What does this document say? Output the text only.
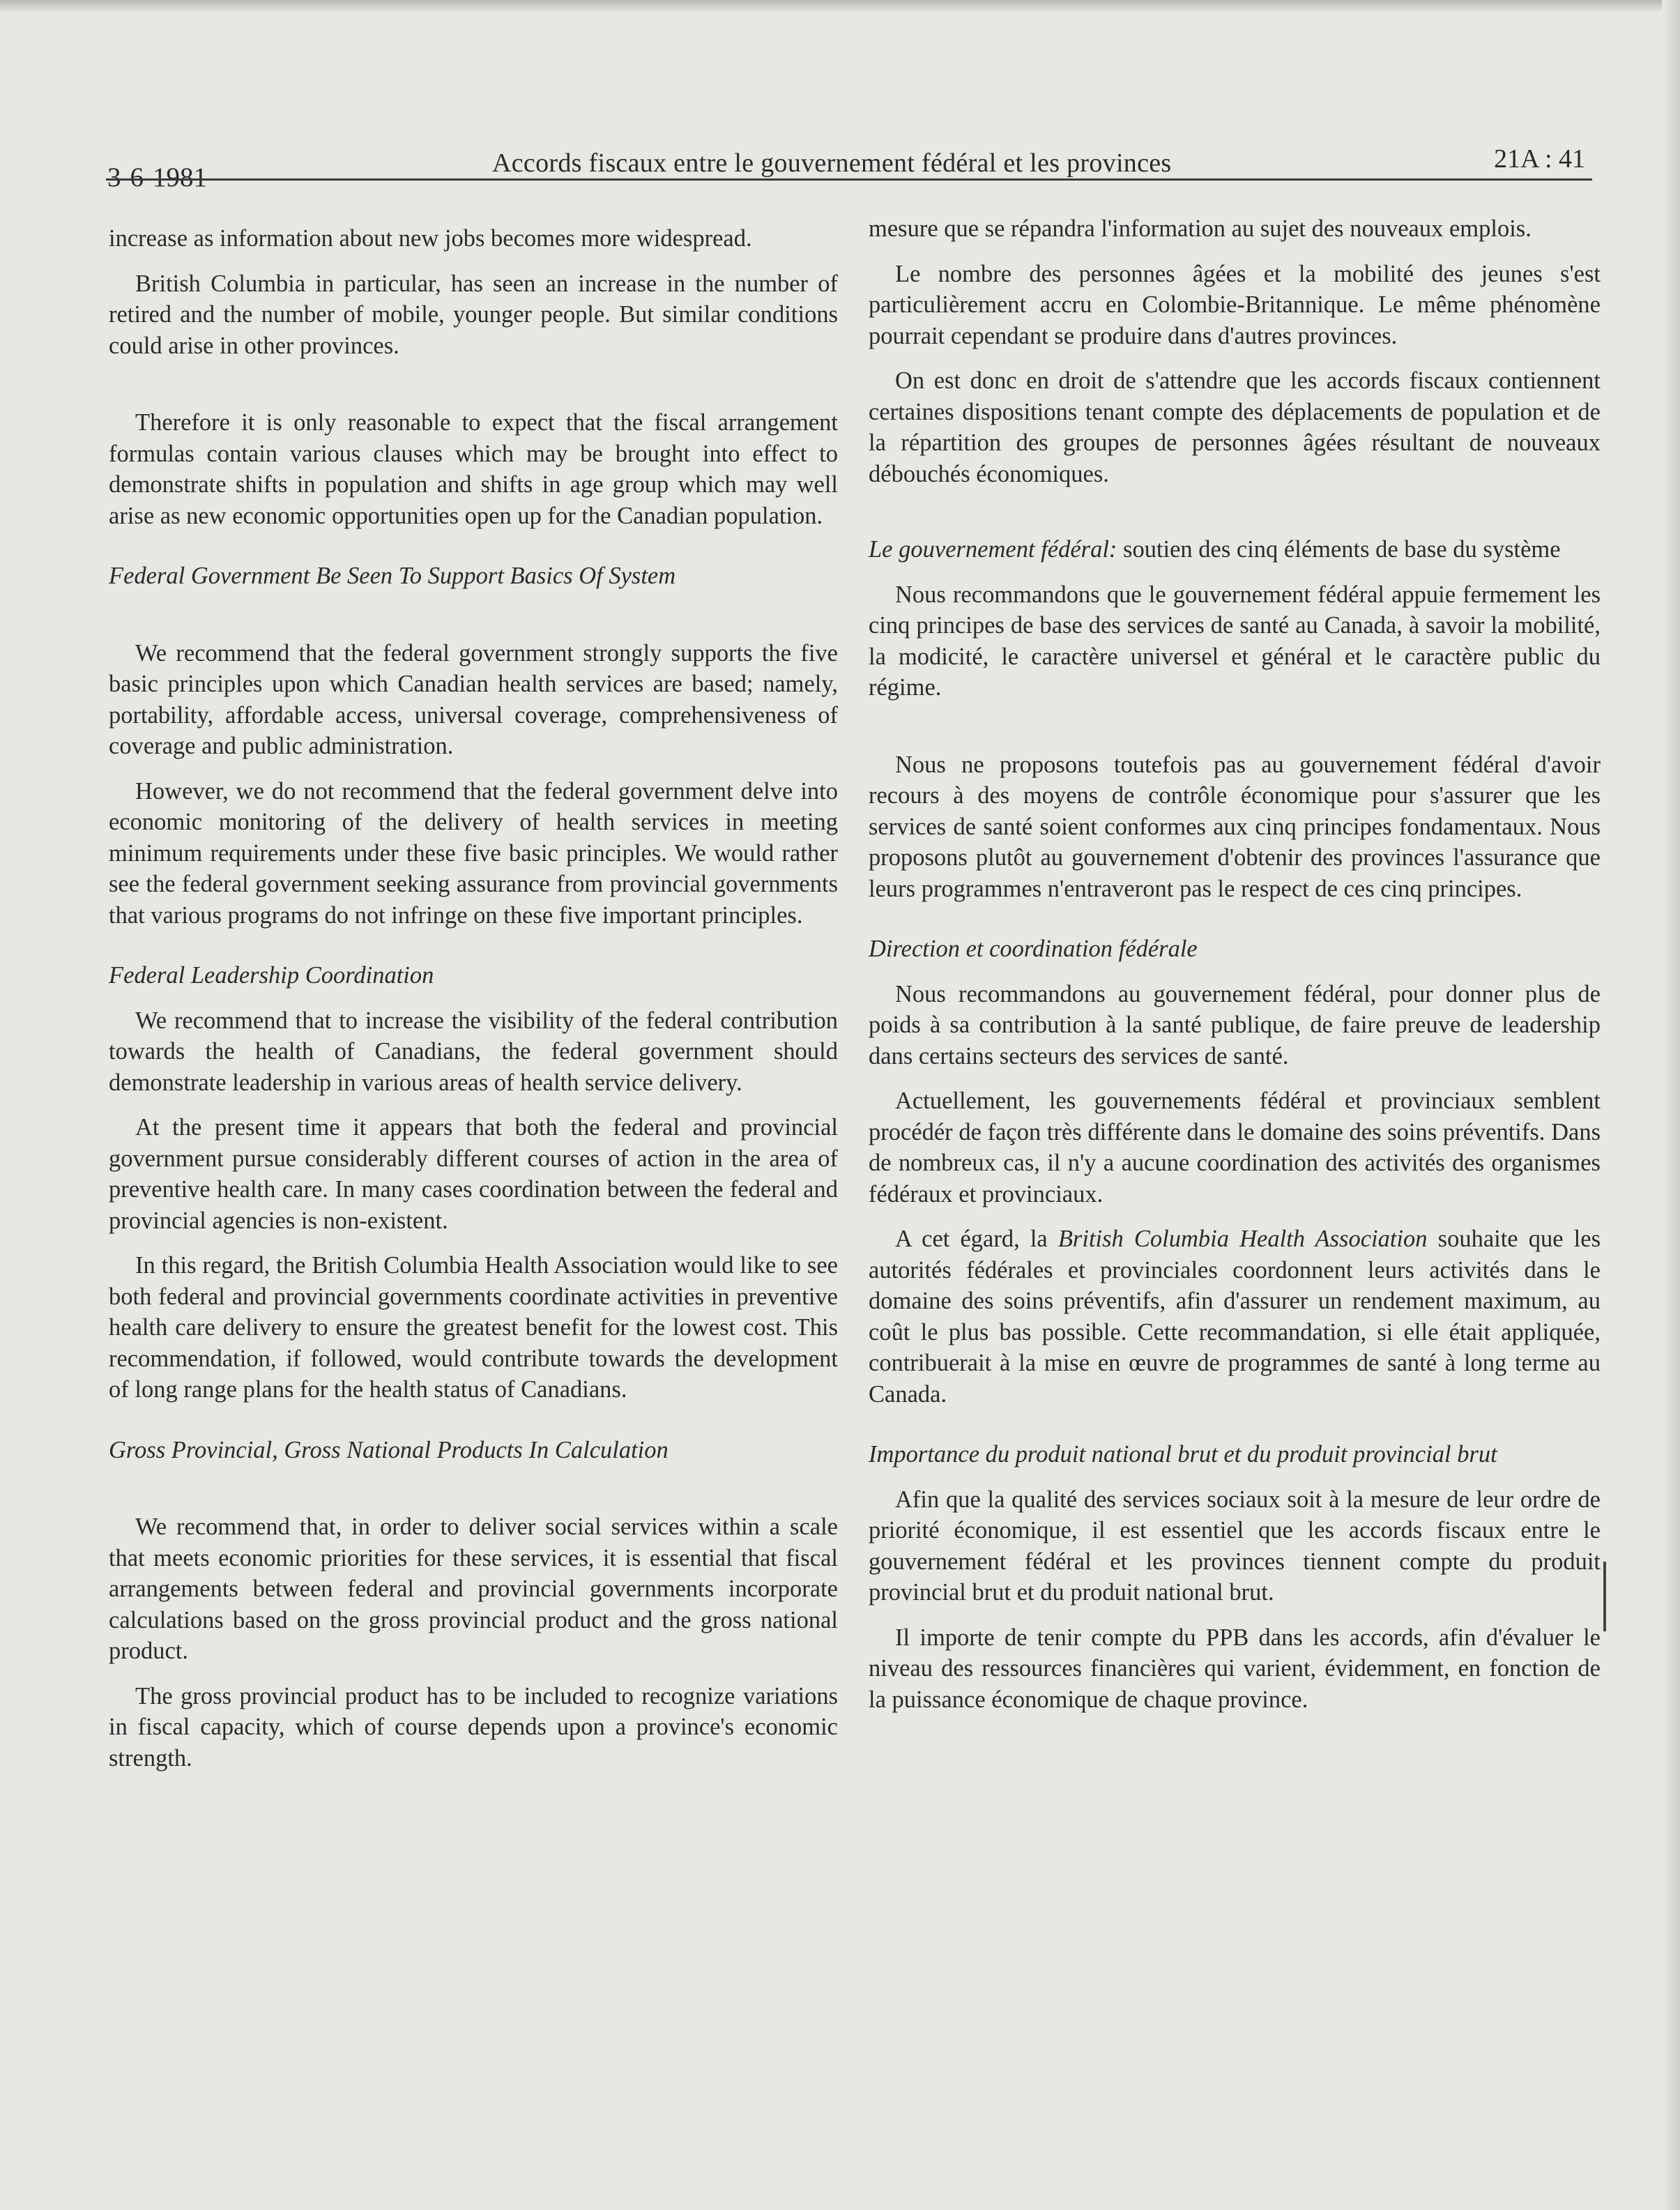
3-6-1981	Accords fiscaux entre le gouvernement fédéral et les provinces	21A : 41

increase as information about new jobs becomes more widespread.

British Columbia in particular, has seen an increase in the number of retired and the number of mobile, younger people. But similar conditions could arise in other provinces.

Therefore it is only reasonable to expect that the fiscal arrangement formulas contain various clauses which may be brought into effect to demonstrate shifts in population and shifts in age group which may well arise as new economic opportunities open up for the Canadian population.

Federal Government Be Seen To Support Basics Of System

We recommend that the federal government strongly supports the five basic principles upon which Canadian health services are based; namely, portability, affordable access, universal coverage, comprehensiveness of coverage and public administration.

However, we do not recommend that the federal government delve into economic monitoring of the delivery of health services in meeting minimum requirements under these five basic principles. We would rather see the federal government seeking assurance from provincial governments that various programs do not infringe on these five important principles.

Federal Leadership Coordination

We recommend that to increase the visibility of the federal contribution towards the health of Canadians, the federal government should demonstrate leadership in various areas of health service delivery.

At the present time it appears that both the federal and provincial government pursue considerably different courses of action in the area of preventive health care. In many cases coordination between the federal and provincial agencies is non-existent.

In this regard, the British Columbia Health Association would like to see both federal and provincial governments coordinate activities in preventive health care delivery to ensure the greatest benefit for the lowest cost. This recommendation, if followed, would contribute towards the development of long range plans for the health status of Canadians.

Gross Provincial, Gross National Products In Calculation

We recommend that, in order to deliver social services within a scale that meets economic priorities for these services, it is essential that fiscal arrangements between federal and provincial governments incorporate calculations based on the gross provincial product and the gross national product.

The gross provincial product has to be included to recognize variations in fiscal capacity, which of course depends upon a province's economic strength.

mesure que se répandra l'information au sujet des nouveaux emplois.

Le nombre des personnes âgées et la mobilité des jeunes s'est particulièrement accru en Colombie-Britannique. Le même phénomène pourrait cependant se produire dans d'autres provinces.

On est donc en droit de s'attendre que les accords fiscaux contiennent certaines dispositions tenant compte des déplacements de population et de la répartition des groupes de personnes âgées résultant de nouveaux débouchés économiques.

Le gouvernement fédéral: soutien des cinq éléments de base du système

Nous recommandons que le gouvernement fédéral appuie fermement les cinq principes de base des services de santé au Canada, à savoir la mobilité, la modicité, le caractère universel et général et le caractère public du régime.

Nous ne proposons toutefois pas au gouvernement fédéral d'avoir recours à des moyens de contrôle économique pour s'assurer que les services de santé soient conformes aux cinq principes fondamentaux. Nous proposons plutôt au gouvernement d'obtenir des provinces l'assurance que leurs programmes n'entraveront pas le respect de ces cinq principes.

Direction et coordination fédérale

Nous recommandons au gouvernement fédéral, pour donner plus de poids à sa contribution à la santé publique, de faire preuve de leadership dans certains secteurs des services de santé.

Actuellement, les gouvernements fédéral et provinciaux semblent procédér de façon très différente dans le domaine des soins préventifs. Dans de nombreux cas, il n'y a aucune coordination des activités des organismes fédéraux et provinciaux.

A cet égard, la British Columbia Health Association souhaite que les autorités fédérales et provinciales coordonnent leurs activités dans le domaine des soins préventifs, afin d'assurer un rendement maximum, au coût le plus bas possible. Cette recommandation, si elle était appliquée, contribuerait à la mise en œuvre de programmes de santé à long terme au Canada.

Importance du produit national brut et du produit provincial brut

Afin que la qualité des services sociaux soit à la mesure de leur ordre de priorité économique, il est essentiel que les accords fiscaux entre le gouvernement fédéral et les provinces tiennent compte du produit provincial brut et du produit national brut.

Il importe de tenir compte du PPB dans les accords, afin d'évaluer le niveau des ressources financières qui varient, évidemment, en fonction de la puissance économique de chaque province.
